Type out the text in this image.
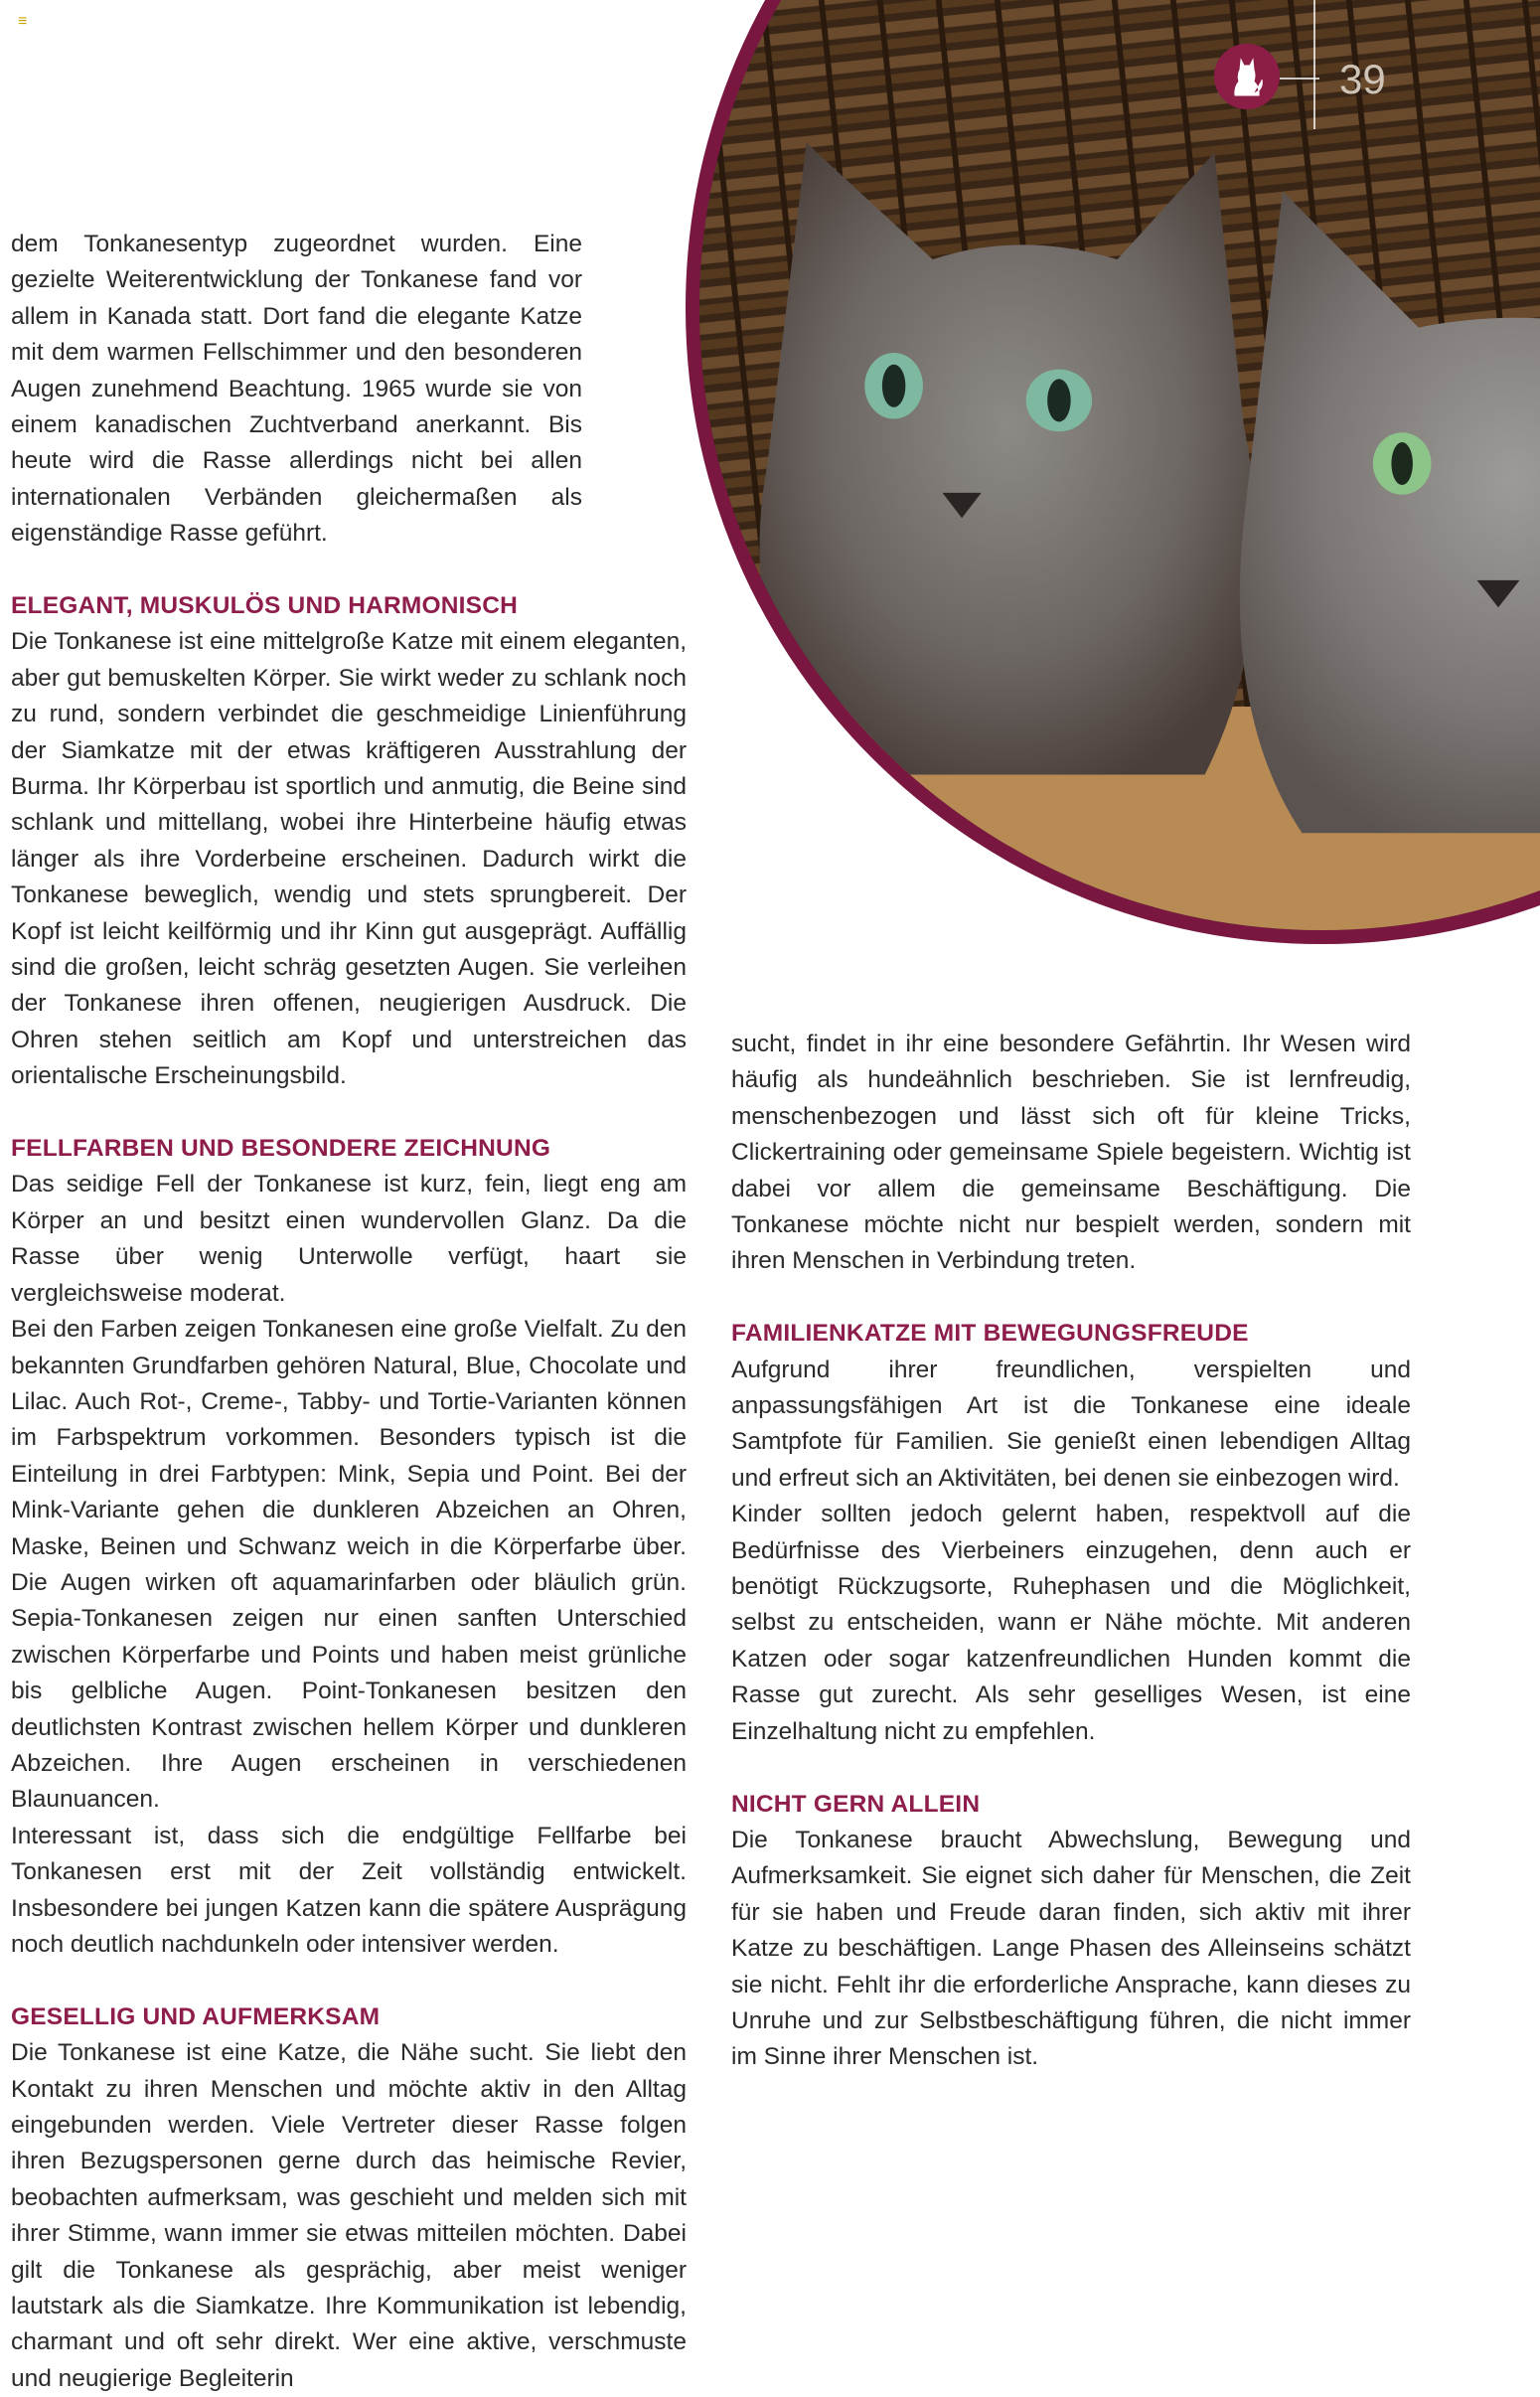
≡
39

dem Tonkanesentyp zugeordnet wurden. Eine gezielte Weiterentwicklung der Tonkanese fand vor allem in Kanada statt. Dort fand die elegante Katze mit dem warmen Fellschimmer und den besonderen Augen zunehmend Beachtung. 1965 wurde sie von einem kanadischen Zuchtverband anerkannt. Bis heute wird die Rasse allerdings nicht bei allen internationalen Verbänden gleichermaßen als eigenständige Rasse geführt.

ELEGANT, MUSKULÖS UND HARMONISCH

Die Tonkanese ist eine mittelgroße Katze mit einem eleganten, aber gut bemuskelten Körper. Sie wirkt weder zu schlank noch zu rund, sondern verbindet die geschmeidige Linienführung der Siamkatze mit der etwas kräftigeren Ausstrahlung der Burma. Ihr Körperbau ist sportlich und anmutig, die Beine sind schlank und mittellang, wobei ihre Hinterbeine häufig etwas länger als ihre Vorderbeine erscheinen. Dadurch wirkt die Tonkanese beweglich, wendig und stets sprungbereit. Der Kopf ist leicht keilförmig und ihr Kinn gut ausgeprägt. Auffällig sind die großen, leicht schräg gesetzten Augen. Sie verleihen der Tonkanese ihren offenen, neugierigen Ausdruck. Die Ohren stehen seitlich am Kopf und unterstreichen das orientalische Erscheinungsbild.

FELLFARBEN UND BESONDERE ZEICHNUNG

Das seidige Fell der Tonkanese ist kurz, fein, liegt eng am Körper an und besitzt einen wundervollen Glanz. Da die Rasse über wenig Unterwolle verfügt, haart sie vergleichsweise moderat.

Bei den Farben zeigen Tonkanesen eine große Vielfalt. Zu den bekannten Grundfarben gehören Natural, Blue, Chocolate und Lilac. Auch Rot-, Creme-, Tabby- und Tortie-Varianten können im Farbspektrum vorkommen. Besonders typisch ist die Einteilung in drei Farbtypen: Mink, Sepia und Point. Bei der Mink-Variante gehen die dunkleren Abzeichen an Ohren, Maske, Beinen und Schwanz weich in die Körperfarbe über. Die Augen wirken oft aquamarinfarben oder bläulich grün. Sepia-Tonkanesen zeigen nur einen sanften Unterschied zwischen Körperfarbe und Points und haben meist grünliche bis gelbliche Augen. Point-Tonkanesen besitzen den deutlichsten Kontrast zwischen hellem Körper und dunkleren Abzeichen. Ihre Augen erscheinen in verschiedenen Blaunuancen.

Interessant ist, dass sich die endgültige Fellfarbe bei Tonkanesen erst mit der Zeit vollständig entwickelt. Insbesondere bei jungen Katzen kann die spätere Ausprägung noch deutlich nachdunkeln oder intensiver werden.

GESELLIG UND AUFMERKSAM

Die Tonkanese ist eine Katze, die Nähe sucht. Sie liebt den Kontakt zu ihren Menschen und möchte aktiv in den Alltag eingebunden werden. Viele Vertreter dieser Rasse folgen ihren Bezugspersonen gerne durch das heimische Revier, beobachten aufmerksam, was geschieht und melden sich mit ihrer Stimme, wann immer sie etwas mitteilen möchten. Dabei gilt die Tonkanese als gesprächig, aber meist weniger lautstark als die Siamkatze. Ihre Kommunikation ist lebendig, charmant und oft sehr direkt. Wer eine aktive, verschmuste und neugierige Begleiterin

sucht, findet in ihr eine besondere Gefährtin. Ihr Wesen wird häufig als hundeähnlich beschrieben. Sie ist lernfreudig, menschenbezogen und lässt sich oft für kleine Tricks, Clickertraining oder gemeinsame Spiele begeistern. Wichtig ist dabei vor allem die gemeinsame Beschäftigung. Die Tonkanese möchte nicht nur bespielt werden, sondern mit ihren Menschen in Verbindung treten.

FAMILIENKATZE MIT BEWEGUNGSFREUDE

Aufgrund ihrer freundlichen, verspielten und anpassungsfähigen Art ist die Tonkanese eine ideale Samtpfote für Familien. Sie genießt einen lebendigen Alltag und erfreut sich an Aktivitäten, bei denen sie einbezogen wird.

Kinder sollten jedoch gelernt haben, respektvoll auf die Bedürfnisse des Vierbeiners einzugehen, denn auch er benötigt Rückzugsorte, Ruhephasen und die Möglichkeit, selbst zu entscheiden, wann er Nähe möchte. Mit anderen Katzen oder sogar katzenfreundlichen Hunden kommt die Rasse gut zurecht. Als sehr geselliges Wesen, ist eine Einzelhaltung nicht zu empfehlen.

NICHT GERN ALLEIN

Die Tonkanese braucht Abwechslung, Bewegung und Aufmerksamkeit. Sie eignet sich daher für Menschen, die Zeit für sie haben und Freude daran finden, sich aktiv mit ihrer Katze zu beschäftigen. Lange Phasen des Alleinseins schätzt sie nicht. Fehlt ihr die erforderliche Ansprache, kann dieses zu Unruhe und zur Selbstbeschäftigung führen, die nicht immer im Sinne ihrer Menschen ist.
